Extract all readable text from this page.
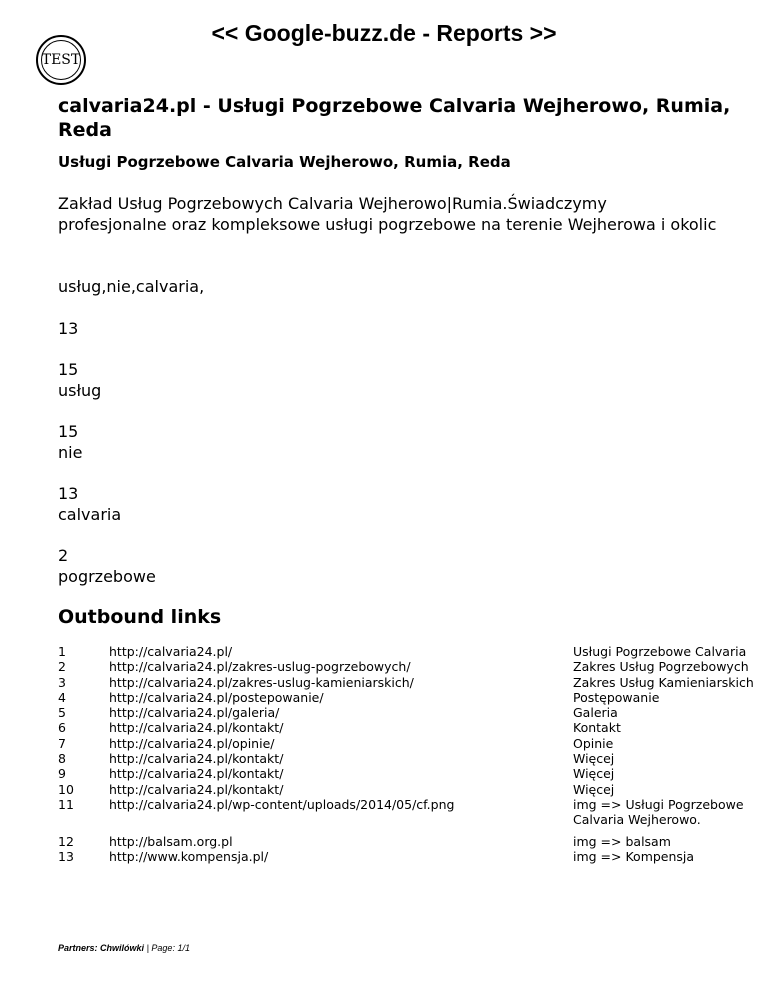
<< Google-buzz.de - Reports >>
TEST
calvaria24.pl - Usługi Pogrzebowe Calvaria Wejherowo, Rumia, Reda
Usługi Pogrzebowe Calvaria Wejherowo, Rumia, Reda
Zakład Usług Pogrzebowych Calvaria Wejherowo|Rumia.Świadczymy profesjonalne oraz kompleksowe usługi pogrzebowe na terenie Wejherowa i okolic
usług,nie,calvaria,
13
15
usług
15
nie
13
calvaria
2
pogrzebowe
Outbound links
1	http://calvaria24.pl/	Usługi Pogrzebowe Calvaria
2	http://calvaria24.pl/zakres-uslug-pogrzebowych/	Zakres Usług Pogrzebowych
3	http://calvaria24.pl/zakres-uslug-kamieniarskich/	Zakres Usług Kamieniarskich
4	http://calvaria24.pl/postepowanie/	Postępowanie
5	http://calvaria24.pl/galeria/	Galeria
6	http://calvaria24.pl/kontakt/	Kontakt
7	http://calvaria24.pl/opinie/	Opinie
8	http://calvaria24.pl/kontakt/	Więcej
9	http://calvaria24.pl/kontakt/	Więcej
10	http://calvaria24.pl/kontakt/	Więcej
11	http://calvaria24.pl/wp-content/uploads/2014/05/cf.png	img => Usługi Pogrzebowe
Calvaria Wejherowo.
12	http://balsam.org.pl	img => balsam
13	http://www.kompensja.pl/	img => Kompensja
Partners: Chwilówki | Page: 1/1
